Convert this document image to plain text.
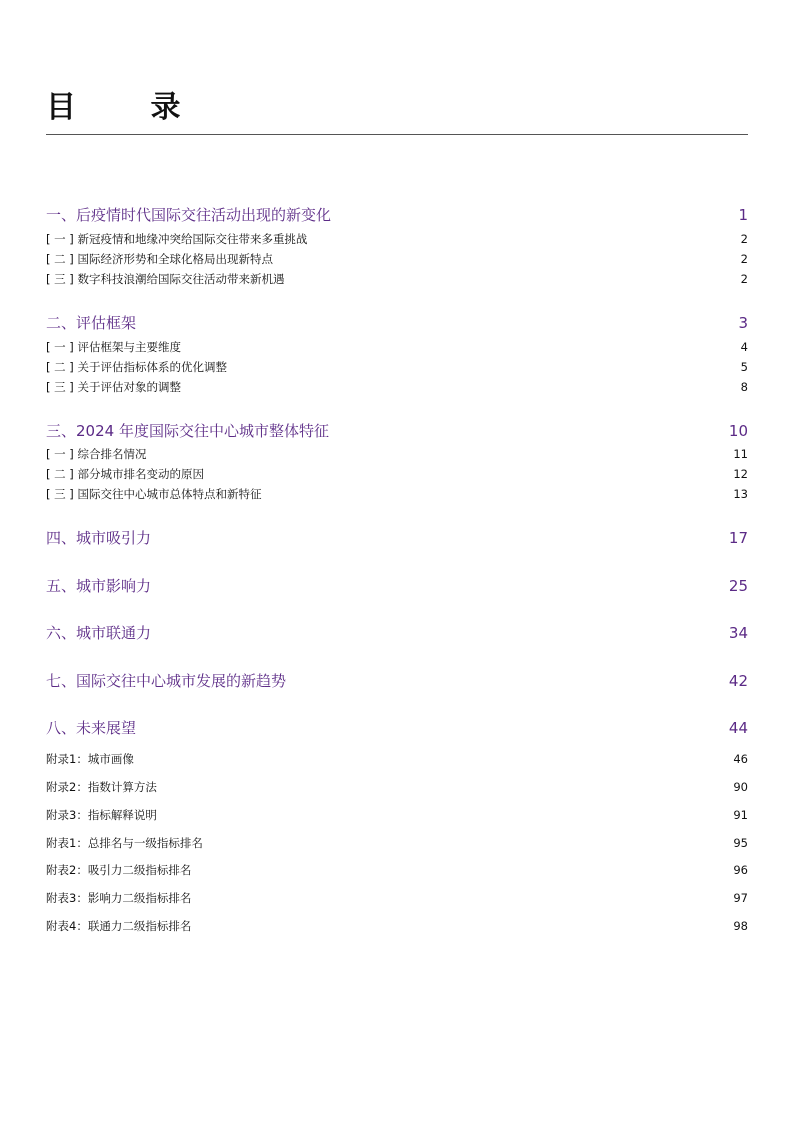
目 录
一、后疫情时代国际交往活动出现的新变化	1
[ 一 ] 新冠疫情和地缘冲突给国际交往带来多重挑战	2
[ 二 ] 国际经济形势和全球化格局出现新特点	2
[ 三 ] 数字科技浪潮给国际交往活动带来新机遇	2
二、评估框架	3
[ 一 ] 评估框架与主要维度	4
[ 二 ] 关于评估指标体系的优化调整	5
[ 三 ] 关于评估对象的调整	8
三、2024 年度国际交往中心城市整体特征	10
[ 一 ] 综合排名情况	11
[ 二 ] 部分城市排名变动的原因	12
[ 三 ] 国际交往中心城市总体特点和新特征	13
四、城市吸引力	17
五、城市影响力	25
六、城市联通力	34
七、国际交往中心城市发展的新趋势	42
八、未来展望	44
附录1：城市画像	46
附录2：指数计算方法	90
附录3：指标解释说明	91
附表1：总排名与一级指标排名	95
附表2：吸引力二级指标排名	96
附表3：影响力二级指标排名	97
附表4：联通力二级指标排名	98
